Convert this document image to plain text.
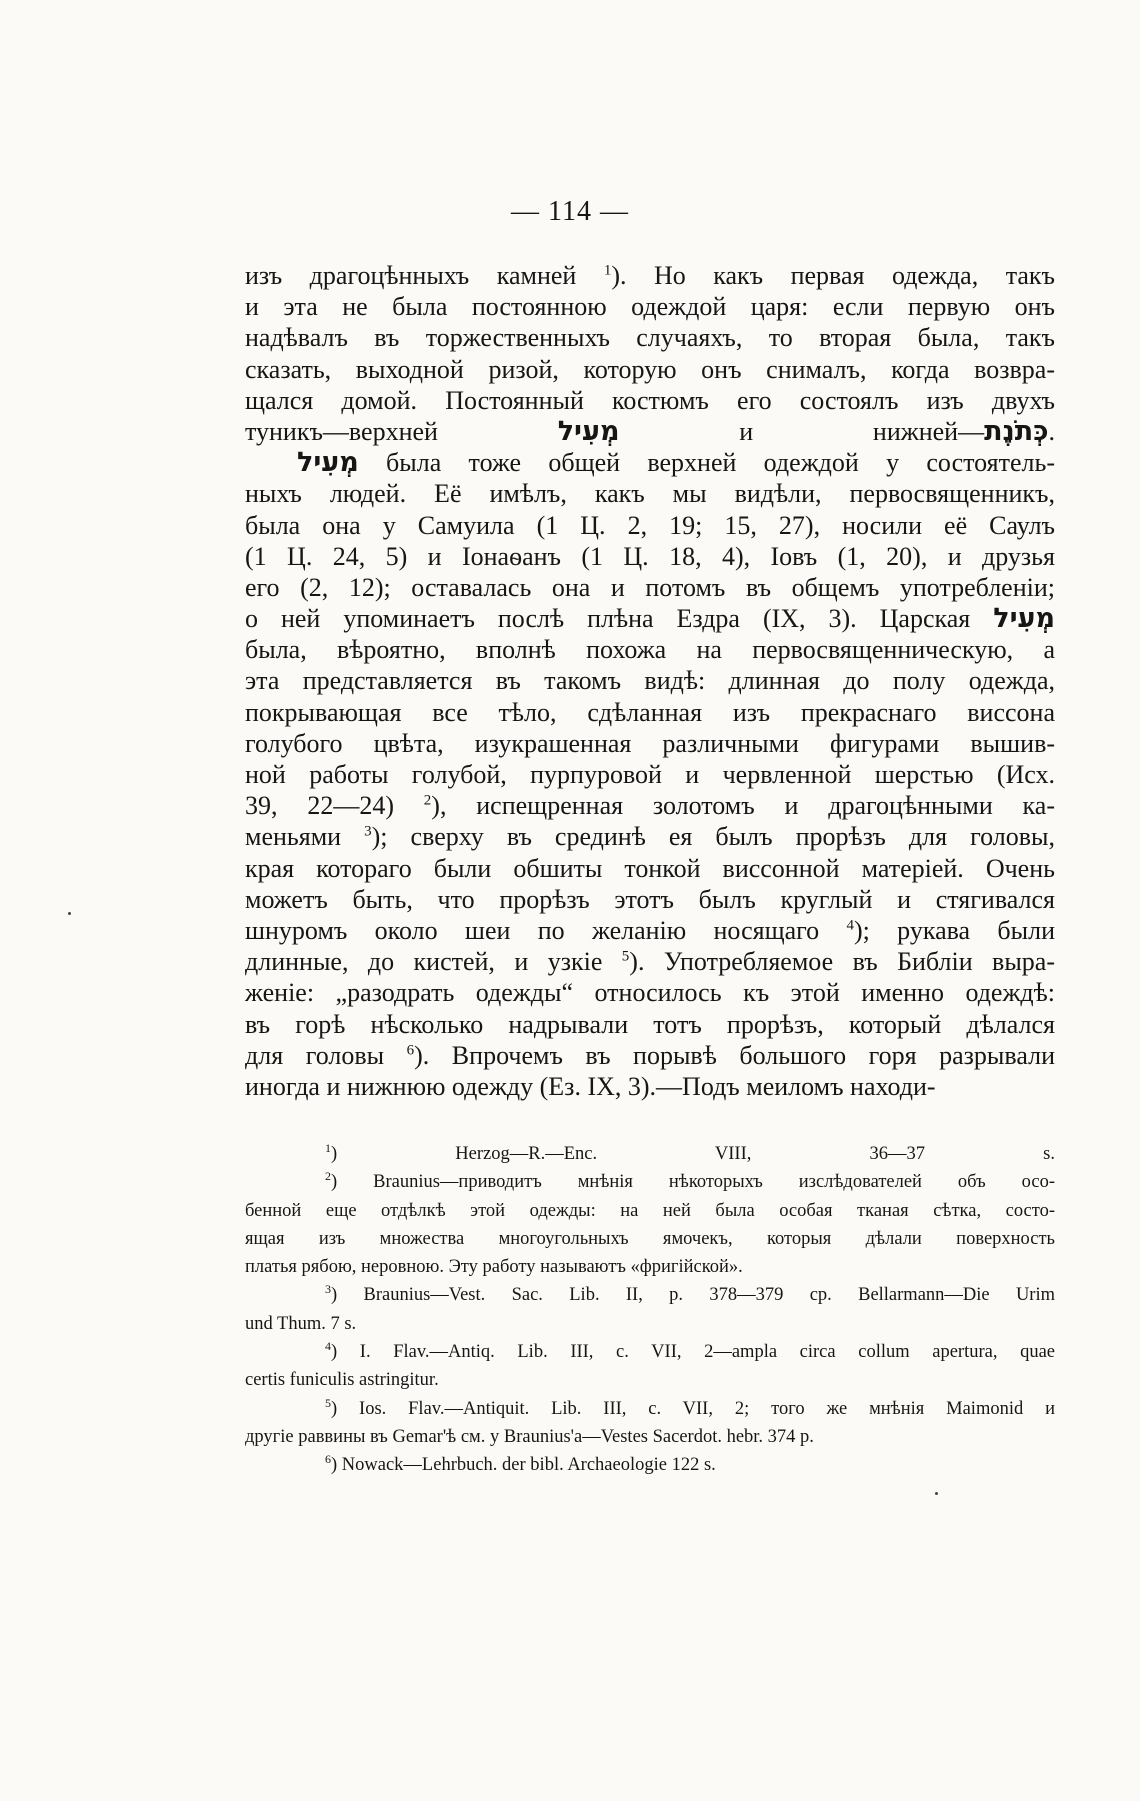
— 114 —
изъ драгоцѣнныхъ камней $^1$). Но какъ первая одежда, такъ
и эта не была постоянною одеждой царя: если первую онъ
надѣвалъ въ торжественныхъ случаяхъ, то вторая была, такъ
сказать, выходной ризой, которую онъ снималъ, когда возвра-
щался домой. Постоянный костюмъ его состоялъ изъ двухъ
туникъ—верхней מְעִיל и нижней—כְּתֹנֶת.
מְעִיל была тоже общей верхней одеждой у состоятель-
ныхъ людей. Её имѣлъ, какъ мы видѣли, первосвященникъ,
была она у Самуила (1 Ц. 2, 19; 15, 27), носили её Саулъ
(1 Ц. 24, 5) и Іонаѳанъ (1 Ц. 18, 4), Іовъ (1, 20), и друзья
его (2, 12); оставалась она и потомъ въ общемъ употребленіи;
о ней упоминаетъ послѣ плѣна Ездра (IX, 3). Царская מְעִיל
была, вѣроятно, вполнѣ похожа на первосвященническую, а
эта представляется въ такомъ видѣ: длинная до полу одежда,
покрывающая все тѣло, сдѣланная изъ прекраснаго виссона
голубого цвѣта, изукрашенная различными фигурами вышив-
ной работы голубой, пурпуровой и червленной шерстью (Исх.
39, 22—24) $^2$), испещренная золотомъ и драгоцѣнными ка-
меньями $^3$); сверху въ срединѣ ея былъ прорѣзъ для головы,
края котораго были обшиты тонкой виссонной матеріей. Очень
можетъ быть, что прорѣзъ этотъ былъ круглый и стягивался
шнуромъ около шеи по желанію носящаго $^4$); рукава были
длинные, до кистей, и узкіе $^5$). Употребляемое въ Библіи выра-
женіе: „разодрать одежды“ относилось къ этой именно одеждѣ:
въ горѣ нѣсколько надрывали тотъ прорѣзъ, который дѣлался
для головы $^6$). Впрочемъ въ порывѣ большого горя разрывали
иногда и нижнюю одежду (Ез. IX, 3).—Подъ меиломъ находи-
$^1$) Herzog—R.—Enc. VIII, 36—37 s.
$^2$) Braunius—приводитъ мнѣнія нѣкоторыхъ изслѣдователей объ осо-
бенной еще отдѣлкѣ этой одежды: на ней была особая тканая сѣтка, состо-
ящая изъ множества многоугольныхъ ямочекъ, которыя дѣлали поверхность
платья рябою, неровною. Эту работу называютъ «фригійской».
$^3$) Braunius—Vest. Sac. Lib. II, p. 378—379 cp. Bellarmann—Die Urim
und Thum. 7 s.
$^4$) I. Flav.—Antiq. Lib. III, c. VII, 2—ampla circa collum apertura, quae
certis funiculis astringitur.
$^5$) Ios. Flav.—Antiquit. Lib. III, c. VII, 2; того же мнѣнія Maimonid и
другіе раввины въ Gemar'ѣ см. у Braunius'a—Vestes Sacerdot. hebr. 374 p.
$^6$) Nowack—Lehrbuch. der bibl. Archaeologie 122 s.
